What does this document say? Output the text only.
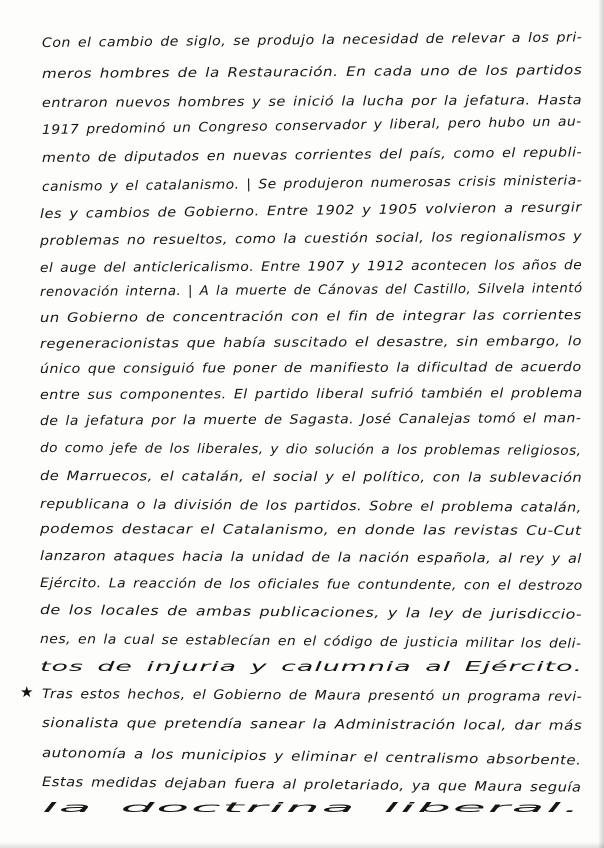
Con el cambio de siglo, se produjo la necesidad de relevar a los pri-
meros hombres de la Restauración. En cada uno de los partidos
entraron nuevos hombres y se inició la lucha por la jefatura. Hasta
1917 predominó un Congreso conservador y liberal, pero hubo un au-
mento de diputados en nuevas corrientes del país, como el republi-
canismo y el catalanismo. | Se produjeron numerosas crisis ministeria-
les y cambios de Gobierno. Entre 1902 y 1905 volvieron a resurgir
problemas no resueltos, como la cuestión social, los regionalismos y
el auge del anticlericalismo. Entre 1907 y 1912 acontecen los años de
renovación interna. | A la muerte de Cánovas del Castillo, Silvela intentó
un Gobierno de concentración con el fin de integrar las corrientes
regeneracionistas que había suscitado el desastre, sin embargo, lo
único que consiguió fue poner de manifiesto la dificultad de acuerdo
entre sus componentes. El partido liberal sufrió también el problema
de la jefatura por la muerte de Sagasta. José Canalejas tomó el man-
do como jefe de los liberales, y dio solución a los problemas religiosos,
de Marruecos, el catalán, el social y el político, con la sublevación
republicana o la división de los partidos. Sobre el problema catalán,
podemos destacar el Catalanismo, en donde las revistas Cu-Cut
lanzaron ataques hacia la unidad de la nación española, al rey y al
Ejército. La reacción de los oficiales fue contundente, con el destrozo
de los locales de ambas publicaciones, y la ley de jurisdiccio-
nes, en la cual se establecían en el código de justicia militar los deli-
tos de injuria y calumnia al Ejército.
★ Tras estos hechos, el Gobierno de Maura presentó un programa revi-
sionalista que pretendía sanear la Administración local, dar más
autonomía a los municipios y eliminar el centralismo absorbente.
Estas medidas dejaban fuera al proletariado, ya que Maura seguía
la doctrina liberal.
